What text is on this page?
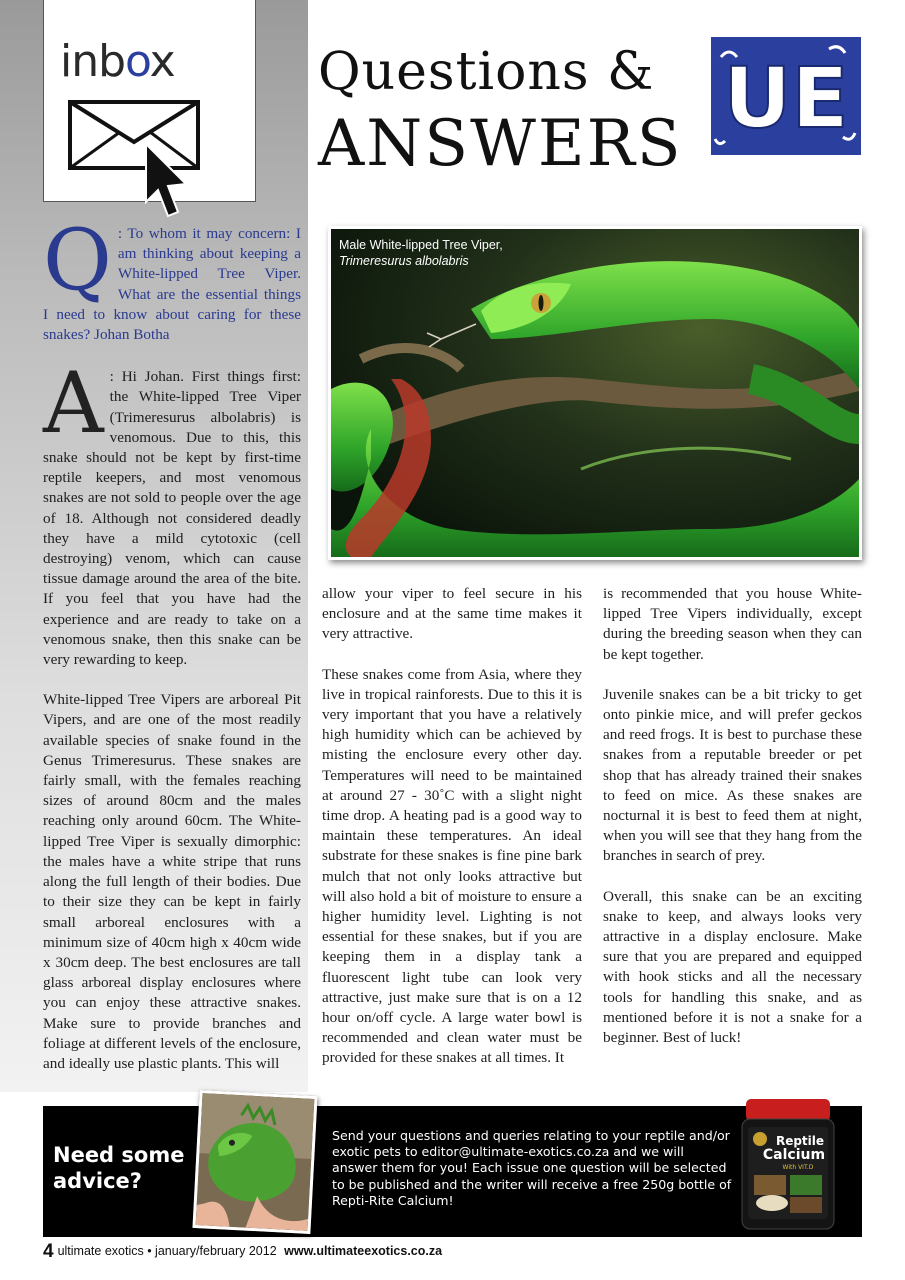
inbox	Questions &
ANSWERS UE

Q : To whom it may concern: I am thinking about keeping a White-lipped Tree Viper. What are the essential things I need to know about caring for these snakes? Johan Botha

A : Hi Johan. First things first: the White-lipped Tree Viper (Trimeresurus albolabris) is venomous. Due to this, this snake should not be kept by first-time reptile keepers, and most venomous snakes are not sold to people over the age of 18. Although not considered deadly they have a mild cytotoxic (cell destroying) venom, which can cause tissue damage around the area of the bite. If you feel that you have had the experience and are ready to take on a venomous snake, then this snake can be very rewarding to keep.

White-lipped Tree Vipers are arboreal Pit Vipers, and are one of the most readily available species of snake found in the Genus Trimeresurus. These snakes are fairly small, with the females reaching sizes of around 80cm and the males reaching only around 60cm. The White-lipped Tree Viper is sexually dimorphic: the males have a white stripe that runs along the full length of their bodies. Due to their size they can be kept in fairly small arboreal enclosures with a minimum size of 40cm high x 40cm wide x 30cm deep. The best enclosures are tall glass arboreal display enclosures where you can enjoy these attractive snakes. Make sure to provide branches and foliage at different levels of the enclosure, and ideally use plastic plants. This will

Male White-lipped Tree Viper,
Trimeresurus albolabris

allow your viper to feel secure in his enclosure and at the same time makes it very attractive.

These snakes come from Asia, where they live in tropical rainforests. Due to this it is very important that you have a relatively high humidity which can be achieved by misting the enclosure every other day. Temperatures will need to be maintained at around 27 - 30˚C with a slight night time drop. A heating pad is a good way to maintain these temperatures. An ideal substrate for these snakes is fine pine bark mulch that not only looks attractive but will also hold a bit of moisture to ensure a higher humidity level. Lighting is not essential for these snakes, but if you are keeping them in a display tank a fluorescent light tube can look very attractive, just make sure that is on a 12 hour on/off cycle. A large water bowl is recommended and clean water must be provided for these snakes at all times. It

is recommended that you house White-lipped Tree Vipers individually, except during the breeding season when they can be kept together.

Juvenile snakes can be a bit tricky to get onto pinkie mice, and will prefer geckos and reed frogs. It is best to purchase these snakes from a reputable breeder or pet shop that has already trained their snakes to feed on mice. As these snakes are nocturnal it is best to feed them at night, when you will see that they hang from the branches in search of prey.

Overall, this snake can be an exciting snake to keep, and always looks very attractive in a display enclosure. Make sure that you are prepared and equipped with hook sticks and all the necessary tools for handling this snake, and as mentioned before it is not a snake for a beginner. Best of luck!

Need some
advice?
Send your questions and queries relating to your reptile and/or exotic pets to editor@ultimate-exotics.co.za and we will answer them for you! Each issue one question will be selected to be published and the writer will receive a free 250g bottle of Repti-Rite Calcium!
Reptile
Calcium
With VIT.D
4 ultimate exotics • january/february 2012 www.ultimateexotics.co.za
